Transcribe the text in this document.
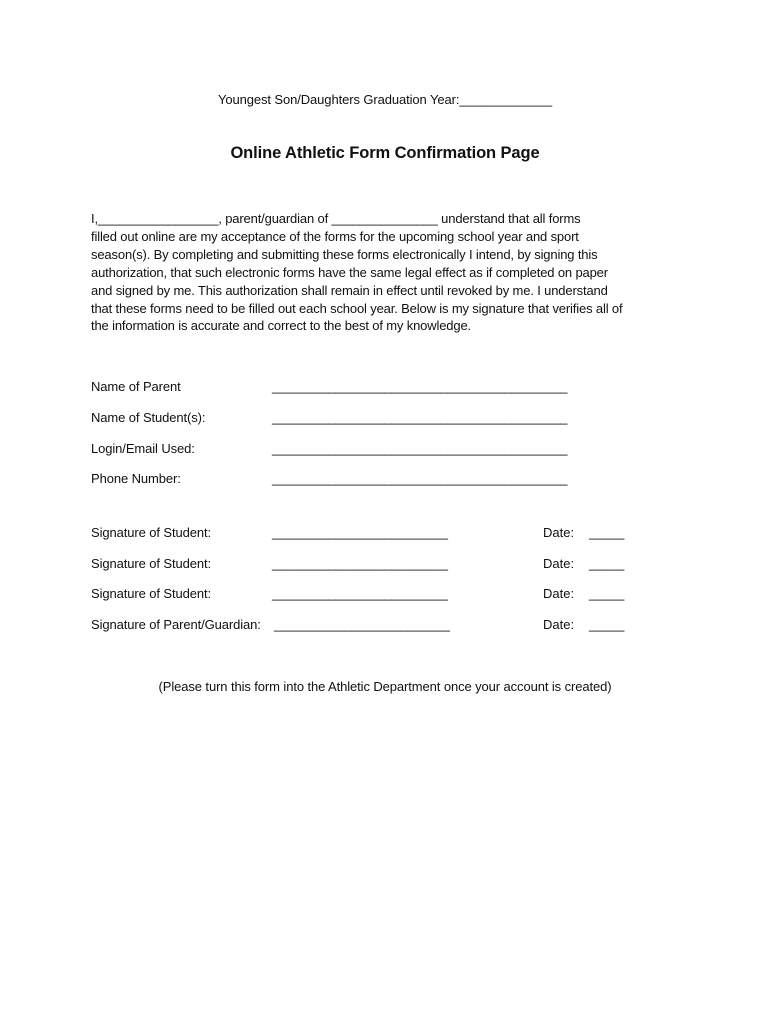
Youngest Son/Daughters Graduation Year:_____________
Online Athletic Form Confirmation Page
I,_________________, parent/guardian of _______________ understand that all forms
filled out online are my acceptance of the forms for the upcoming school year and sport
season(s). By completing and submitting these forms electronically I intend, by signing this
authorization, that such electronic forms have the same legal effect as if completed on paper
and signed by me. This authorization shall remain in effect until revoked by me. I understand
that these forms need to be filled out each school year. Below is my signature that verifies all of
the information is accurate and correct to the best of my knowledge.
Name of Parent	__________________________________________
Name of Student(s):	__________________________________________
Login/Email Used:	__________________________________________
Phone Number:	__________________________________________
Signature of Student:	_________________________	Date: _____
Signature of Student:	_________________________	Date: _____
Signature of Student:	_________________________	Date: _____
Signature of Parent/Guardian: _________________________	Date: _____
(Please turn this form into the Athletic Department once your account is created)
